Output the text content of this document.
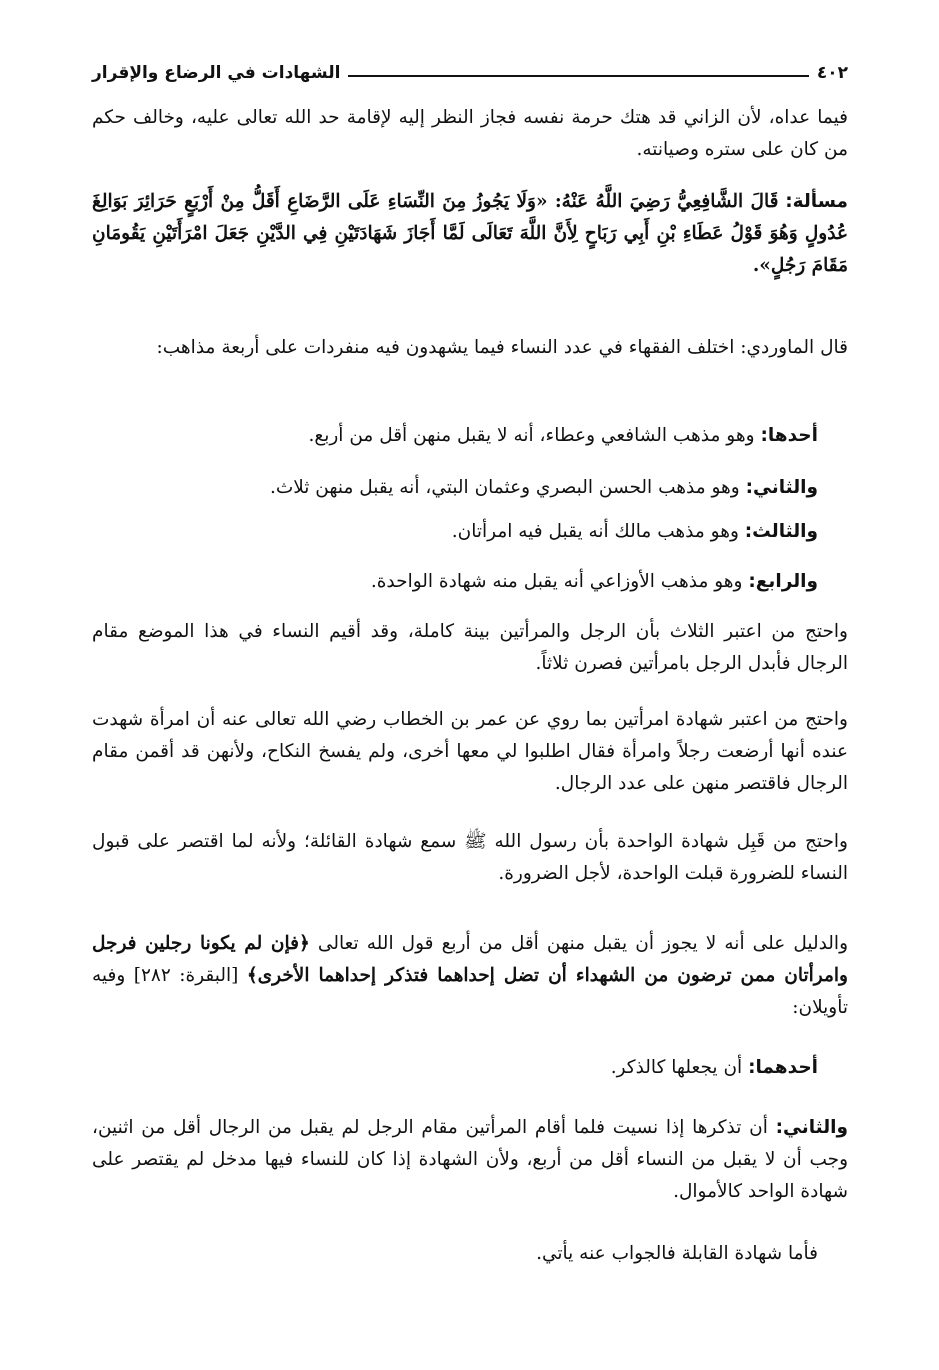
٤٠٢
الشهادات في الرضاع والإقرار

فيما عداه، لأن الزاني قد هتك حرمة نفسه فجاز النظر إليه لإقامة حد الله تعالى عليه، وخالف حكم من كان على ستره وصيانته.

مسألة: قَالَ الشَّافِعِيُّ رَضِيَ اللَّهُ عَنْهُ: «وَلَا يَجُوزُ مِنَ النِّسَاءِ عَلَى الرَّضَاعِ أَقَلُّ مِنْ أَرْبَعٍ حَرَائِرَ بَوَالِغَ عُدُولٍ وَهُوَ قَوْلُ عَطَاءِ بْنِ أَبِي رَبَاحٍ لِأَنَّ اللَّهَ تَعَالَى لَمَّا أَجَازَ شَهَادَتَيْنِ فِي الدَّيْنِ جَعَلَ امْرَأَتَيْنِ يَقُومَانِ مَقَامَ رَجُلٍ».

قال الماوردي: اختلف الفقهاء في عدد النساء فيما يشهدون فيه منفردات على أربعة مذاهب:

أحدها: وهو مذهب الشافعي وعطاء، أنه لا يقبل منهن أقل من أربع.

والثاني: وهو مذهب الحسن البصري وعثمان البتي، أنه يقبل منهن ثلاث.

والثالث: وهو مذهب مالك أنه يقبل فيه امرأتان.

والرابع: وهو مذهب الأوزاعي أنه يقبل منه شهادة الواحدة.

واحتج من اعتبر الثلاث بأن الرجل والمرأتين بينة كاملة، وقد أقيم النساء في هذا الموضع مقام الرجال فأبدل الرجل بامرأتين فصرن ثلاثاً.

واحتج من اعتبر شهادة امرأتين بما روي عن عمر بن الخطاب رضي الله تعالى عنه أن امرأة شهدت عنده أنها أرضعت رجلاً وامرأة فقال اطلبوا لي معها أخرى، ولم يفسخ النكاح، ولأنهن قد أقمن مقام الرجال فاقتصر منهن على عدد الرجال.

واحتج من قَبِل شهادة الواحدة بأن رسول الله ﷺ سمع شهادة القائلة؛ ولأنه لما اقتصر على قبول النساء للضرورة قبلت الواحدة، لأجل الضرورة.

والدليل على أنه لا يجوز أن يقبل منهن أقل من أربع قول الله تعالى ﴿فإن لم يكونا رجلين فرجل وامرأتان ممن ترضون من الشهداء أن تضل إحداهما فتذكر إحداهما الأخرى﴾ [البقرة: ٢٨٢] وفيه تأويلان:

أحدهما: أن يجعلها كالذكر.

والثاني: أن تذكرها إذا نسيت فلما أقام المرأتين مقام الرجل لم يقبل من الرجال أقل من اثنين، وجب أن لا يقبل من النساء أقل من أربع، ولأن الشهادة إذا كان للنساء فيها مدخل لم يقتصر على شهادة الواحد كالأموال.

فأما شهادة القابلة فالجواب عنه يأتي.
